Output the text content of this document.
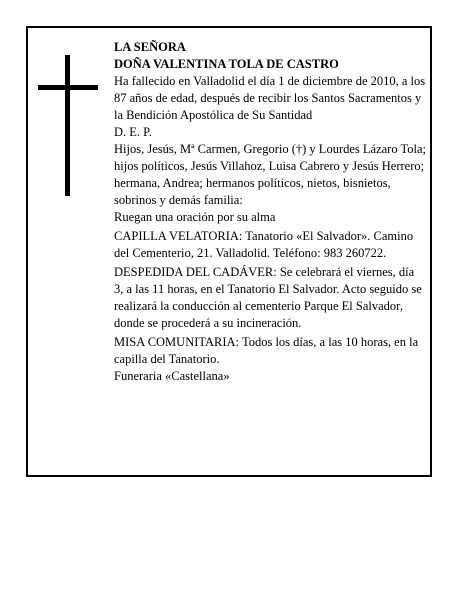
LA SEÑORA

DOÑA VALENTINA TOLA DE CASTRO

Ha fallecido en Valladolid el día 1 de diciembre de 2010, a los 87 años de edad, después de recibir los Santos Sacramentos y la Bendición Apostólica de Su Santidad

D. E. P.

Hijos, Jesús, Mª Carmen, Gregorio (†) y Lourdes Lázaro Tola; hijos políticos, Jesús Villahoz, Luisa Cabrero y Jesús Herrero; hermana, Andrea; hermanos políticos, nietos, bisnietos, sobrinos y demás familia:

Ruegan una oración por su alma

CAPILLA VELATORIA: Tanatorio «El Salvador». Camino del Cementerio, 21. Valladolid. Teléfono: 983 260722.

DESPEDIDA DEL CADÁVER: Se celebrará el viernes, día 3, a las 11 horas, en el Tanatorio El Salvador. Acto seguido se realizará la conducción al cementerio Parque El Salvador, donde se procederá a su incineración.

MISA COMUNITARIA: Todos los días, a las 10 horas, en la capilla del Tanatorio.

Funeraria «Castellana»
